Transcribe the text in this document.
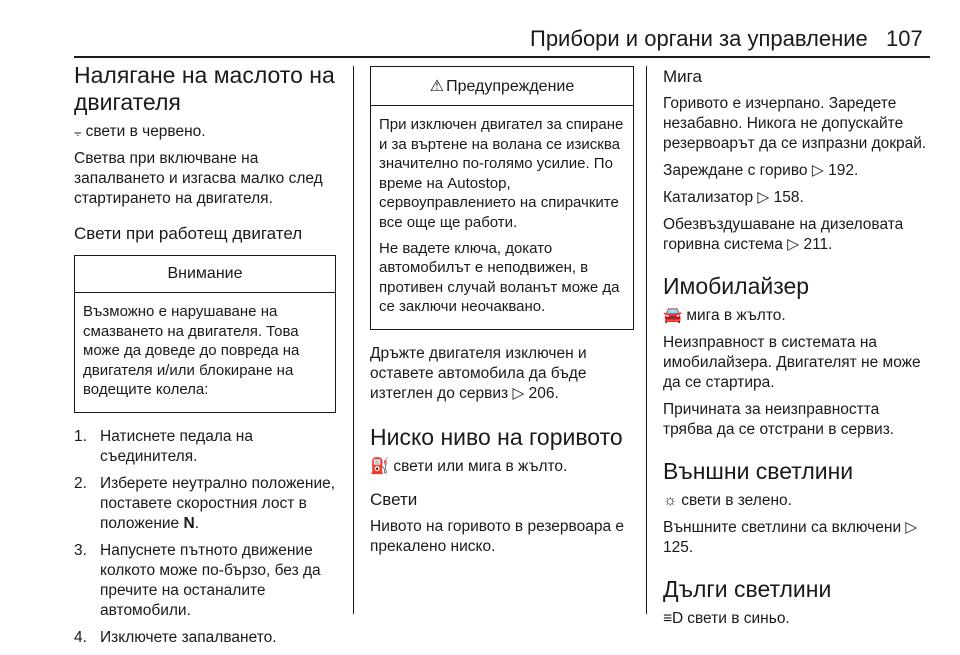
Прибори и органи за управление 107
Налягане на маслото на двигателя

⨪ свети в червено.

Светва при включване на запалването и изгасва малко след стартирането на двигателя.

Свети при работещ двигател
Внимание

Възможно е нарушаване на смазването на двигателя. Това може да доведе до повреда на двигателя и/или блокиране на водещите колела:

1. Натиснете педала на съединителя.
2. Изберете неутрално положение, поставете скоростния лост в положение N.
3. Напуснете пътното движение колкото може по-бързо, без да пречите на останалите автомобили.
4. Изключете запалването.
⚠ Предупреждение

При изключен двигател за спиране и за въртене на волана се изисква значително по-голямо усилие. По време на Autostop, сервоуправлението на спирачките все още ще работи.

Не вадете ключа, докато автомобилът е неподвижен, в противен случай воланът може да се заключи неочаквано.

Дръжте двигателя изключен и оставете автомобила да бъде изтеглен до сервиз ▷ 206.

Ниско ниво на горивото

⛽ свети или мига в жълто.

Свети

Нивото на горивото в резервоара е прекалено ниско.

Мига

Горивото е изчерпано. Заредете незабавно. Никога не допускайте резервоарът да се изпразни докрай.

Зареждане с гориво ▷ 192.

Катализатор ▷ 158.

Обезвъздушаване на дизеловата горивна система ▷ 211.

Имобилайзер

🚘 мига в жълто.

Неизправност в системата на имобилайзера. Двигателят не може да се стартира.

Причината за неизправността трябва да се отстрани в сервиз.

Външни светлини

☼ свети в зелено.

Външните светлини са включени ▷ 125.

Дълги светлини

≡D свети в синьо.
